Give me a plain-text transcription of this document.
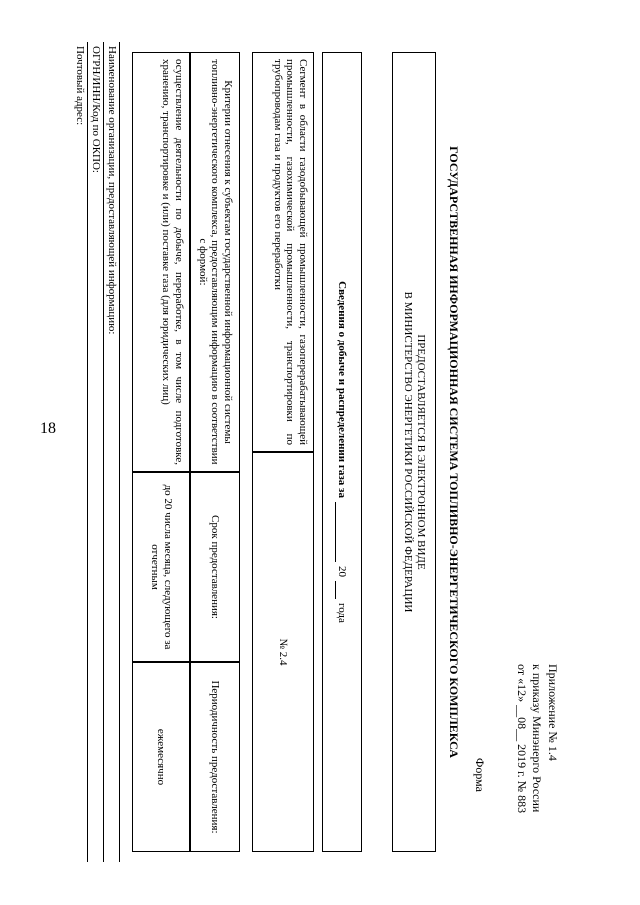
18
Приложение № 1.4
к приказу Минэнерго России
от «12» __08__ 2019 г. № 883
Форма
ГОСУДАРСТВЕННАЯ ИНФОРМАЦИОННАЯ СИСТЕМА ТОПЛИВНО-ЭНЕРГЕТИЧЕСКОГО КОМПЛЕКСА
ПРЕДОСТАВЛЯЕТСЯ В ЭЛЕКТРОННОМ ВИДЕ
В МИНИСТЕРСТВО ЭНЕРГЕТИКИ РОССИЙСКОЙ ФЕДЕРАЦИИ
Сведения о добыче и распределении газа за

20

года
Сегмент в области газодобывающей промышленности, газоперерабатывающей промышленности, газохимической промышленности, транспортировки по трубопроводам газа и продуктов его переработки
№ 2.4
Критерии отнесения к субъектам государственной информационной системы топливно-энергетического комплекса, предоставляющим информацию в соответствии с формой:
Срок предоставления:
Периодичность предоставления:
осуществление деятельности по добыче, переработке, в том числе подготовке, хранению, транспортировке и (или) поставке газа (для юридических лиц)
до 20 числа месяца, следующего за отчетным
ежемесячно
Наименование организации, предоставляющей информацию:
ОГРН/ИНН/Код по ОКПО:
Почтовый адрес:
